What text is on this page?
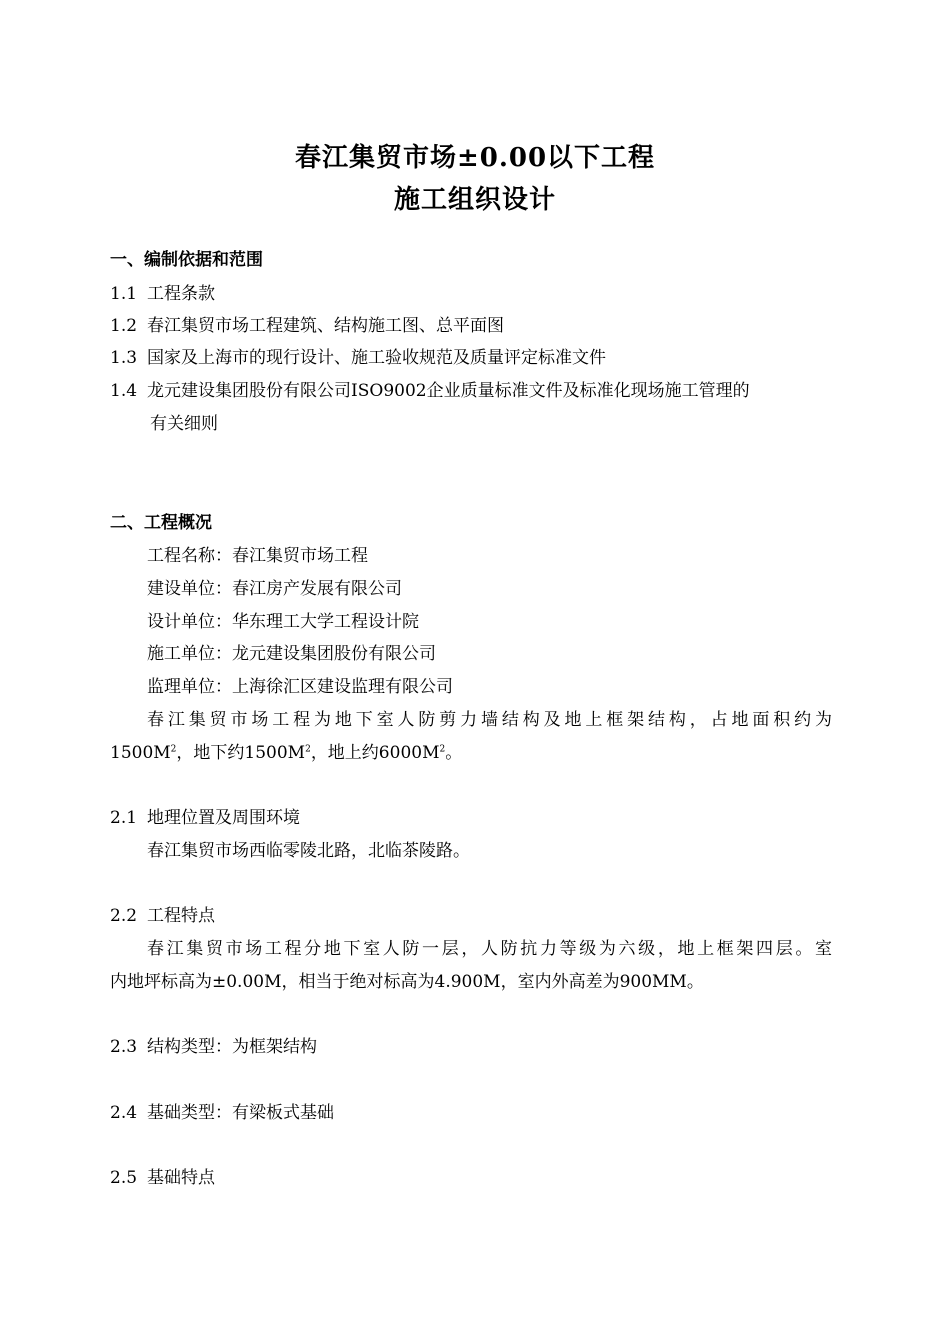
春江集贸市场±0.00以下工程
施工组织设计
一、编制依据和范围
1.1 工程条款
1.2 春江集贸市场工程建筑、结构施工图、总平面图
1.3 国家及上海市的现行设计、施工验收规范及质量评定标准文件
1.4 龙元建设集团股份有限公司ISO9002企业质量标准文件及标准化现场施工管理的
有关细则
二、工程概况
工程名称：春江集贸市场工程
建设单位：春江房产发展有限公司
设计单位：华东理工大学工程设计院
施工单位：龙元建设集团股份有限公司
监理单位：上海徐汇区建设监理有限公司
春江集贸市场工程为地下室人防剪力墙结构及地上框架结构，占地面积约为
$1500M^2$，地下约$1500M^2$，地上约$6000M^2$。
2.1 地理位置及周围环境
春江集贸市场西临零陵北路，北临茶陵路。
2.2 工程特点
春江集贸市场工程分地下室人防一层，人防抗力等级为六级，地上框架四层。室
内地坪标高为±0.00M，相当于绝对标高为4.900M，室内外高差为900MM。
2.3 结构类型：为框架结构
2.4 基础类型：有梁板式基础
2.5 基础特点
